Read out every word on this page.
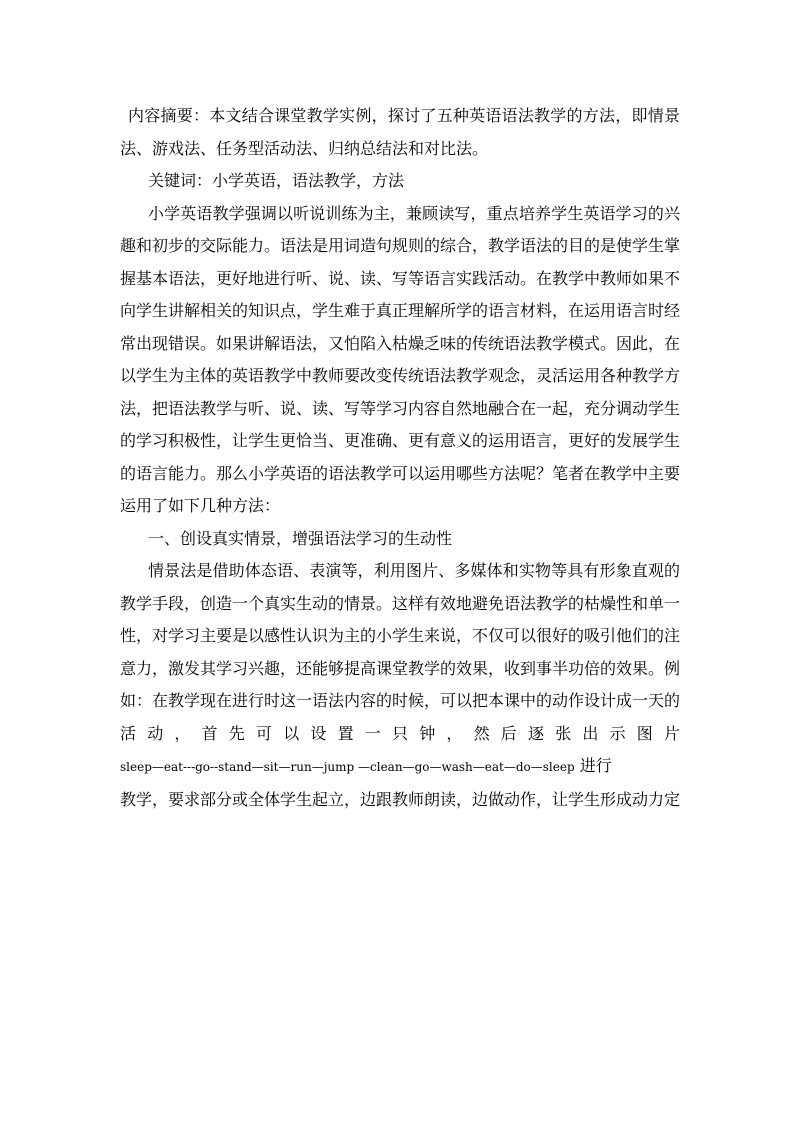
内容摘要：本文结合课堂教学实例，探讨了五种英语语法教学的方法，即情景法、游戏法、任务型活动法、归纳总结法和对比法。

关键词：小学英语，语法教学，方法

小学英语教学强调以听说训练为主，兼顾读写，重点培养学生英语学习的兴趣和初步的交际能力。语法是用词造句规则的综合，教学语法的目的是使学生掌握基本语法，更好地进行听、说、读、写等语言实践活动。在教学中教师如果不向学生讲解相关的知识点，学生难于真正理解所学的语言材料，在运用语言时经常出现错误。如果讲解语法，又怕陷入枯燥乏味的传统语法教学模式。因此，在以学生为主体的英语教学中教师要改变传统语法教学观念，灵活运用各种教学方法，把语法教学与听、说、读、写等学习内容自然地融合在一起，充分调动学生的学习积极性，让学生更恰当、更准确、更有意义的运用语言，更好的发展学生的语言能力。那么小学英语的语法教学可以运用哪些方法呢？笔者在教学中主要运用了如下几种方法：

一、创设真实情景，增强语法学习的生动性

情景法是借助体态语、表演等，利用图片、多媒体和实物等具有形象直观的教学手段，创造一个真实生动的情景。这样有效地避免语法教学的枯燥性和单一性，对学习主要是以感性认识为主的小学生来说，不仅可以很好的吸引他们的注意力，激发其学习兴趣，还能够提高课堂教学的效果，收到事半功倍的效果。例如：在教学现在进行时这一语法内容的时候，可以把本课中的动作设计成一天的

活动，首先可以设置一只钟，然后逐张出示图片

sleep—eat---go--stand—sit—run—jump —clean—go—wash—eat—do—sleep 进行

教学，要求部分或全体学生起立，边跟教师朗读，边做动作，让学生形成动力定
